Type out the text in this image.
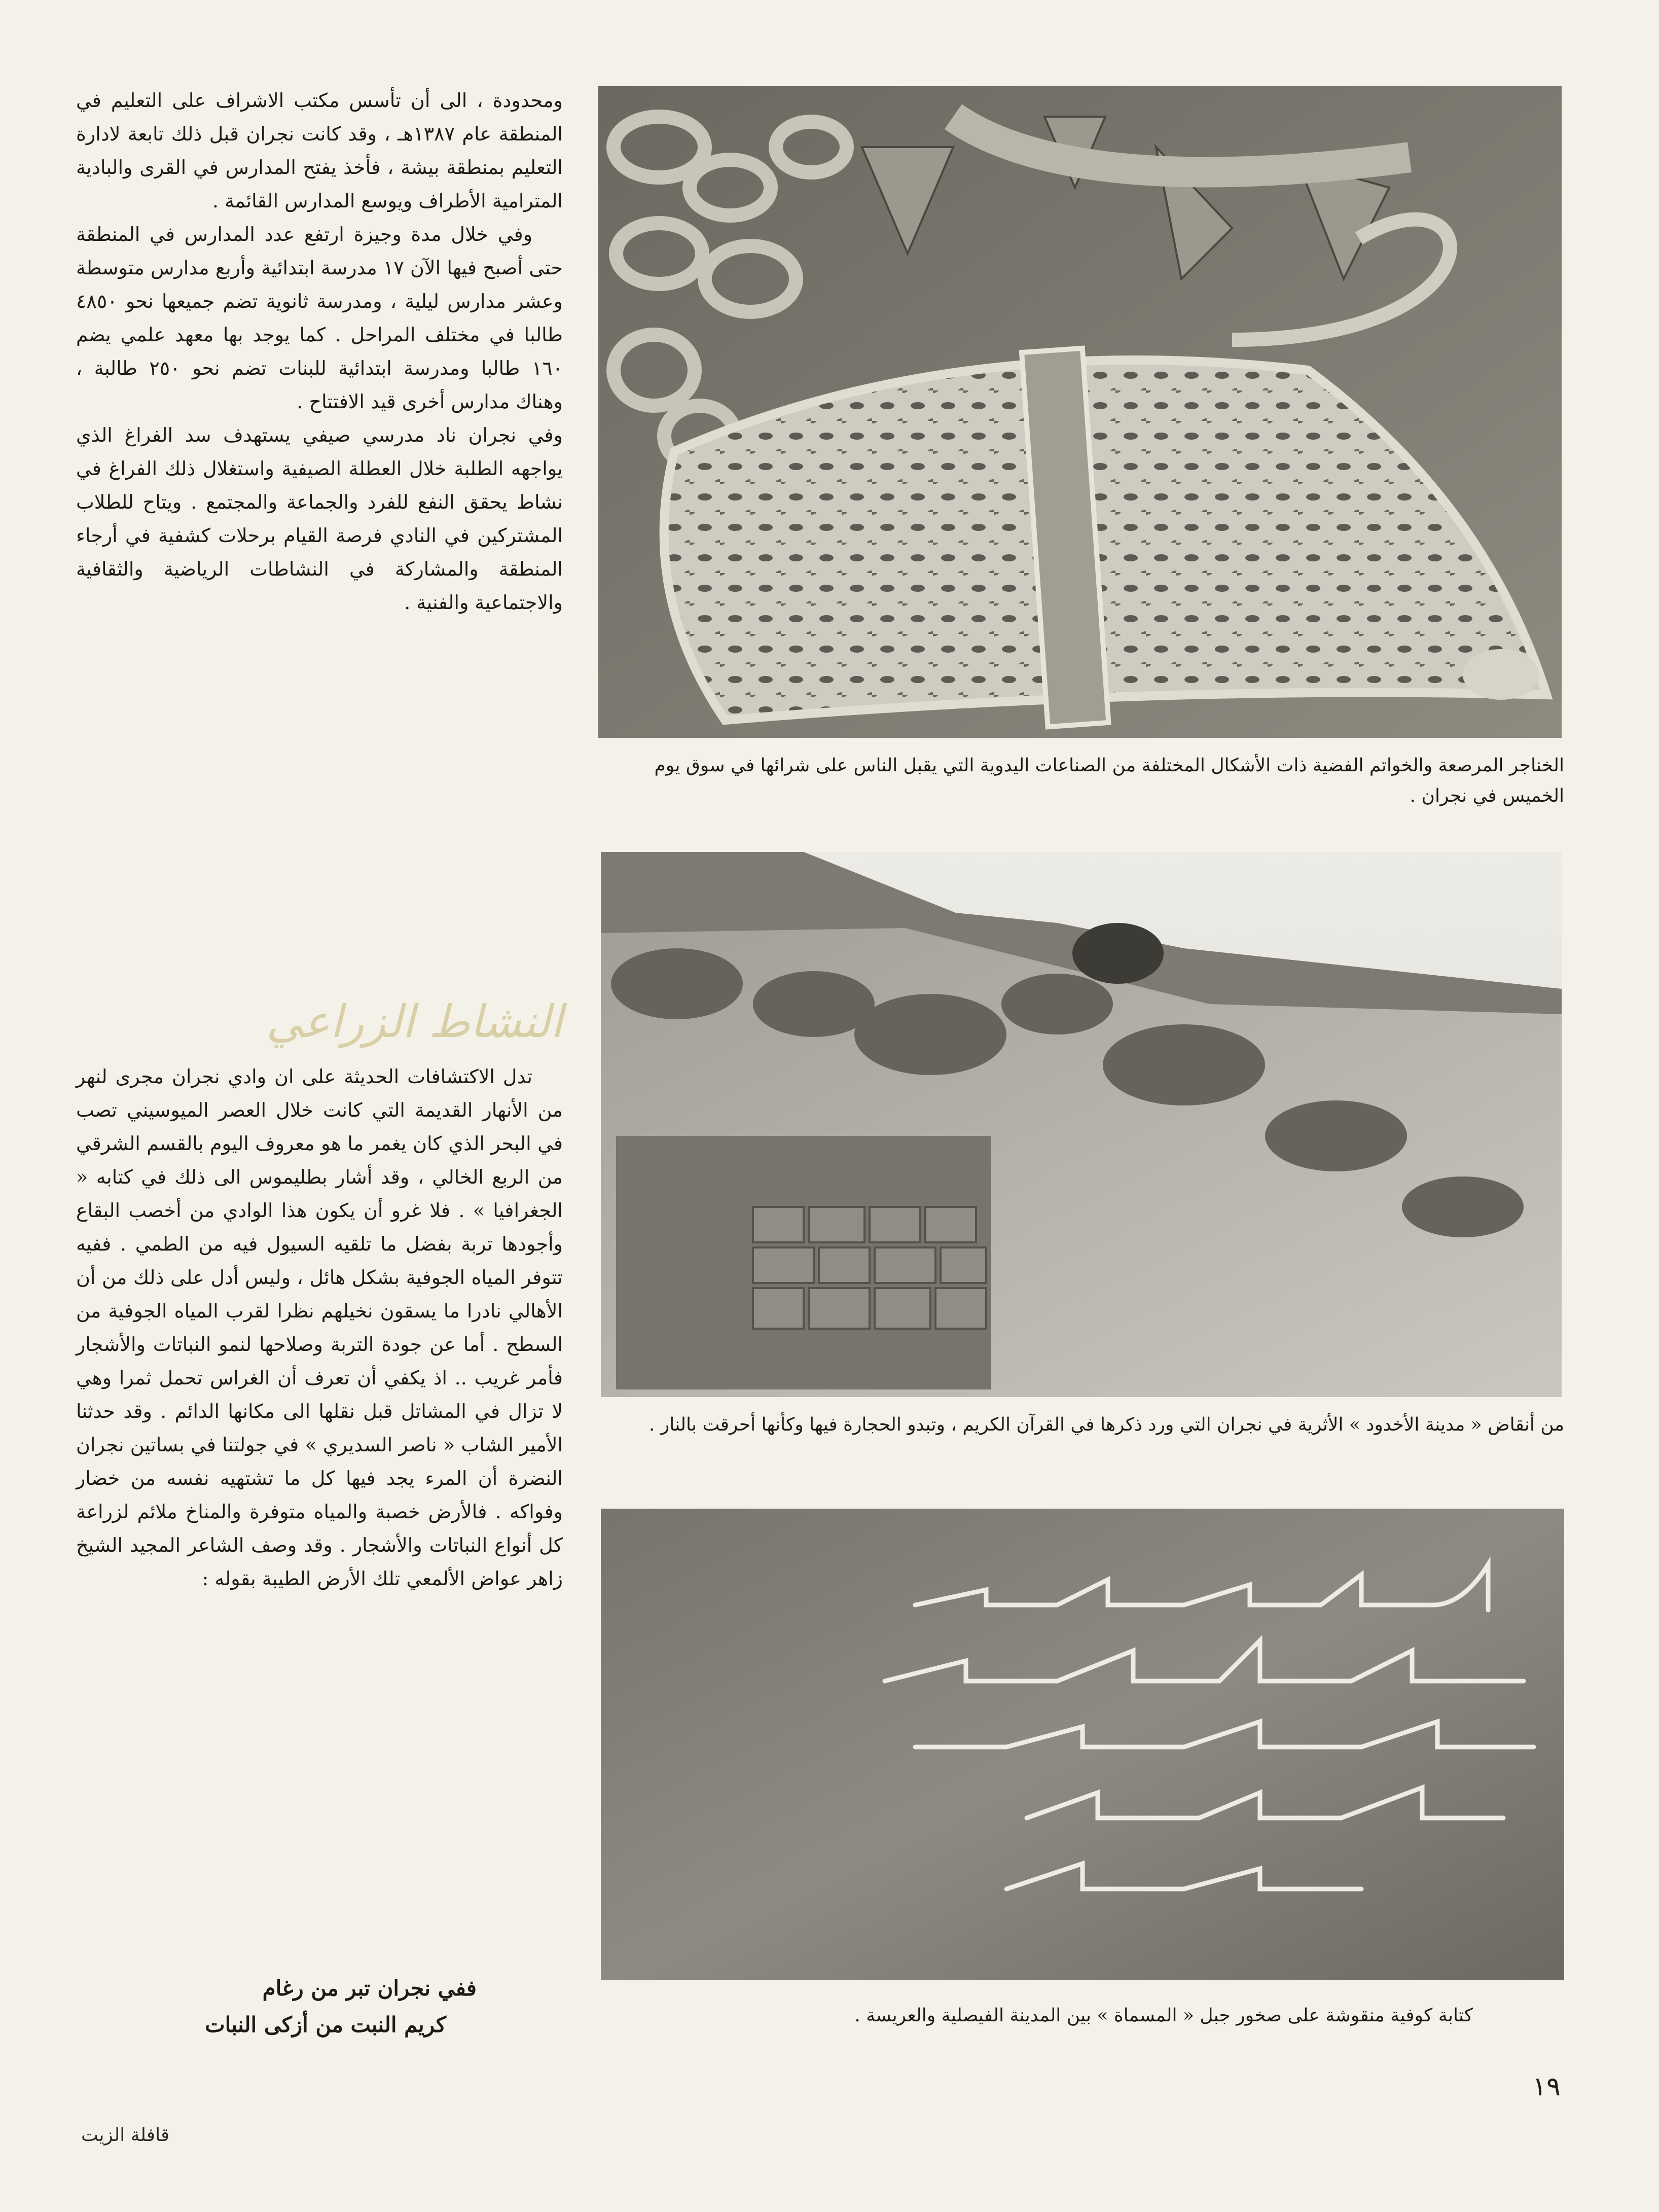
ومحدودة ، الى أن تأسس مكتب الاشراف على التعليم في المنطقة عام ١٣٨٧هـ ، وقد كانت نجران قبل ذلك تابعة لادارة التعليم بمنطقة بيشة ، فأخذ يفتح المدارس في القرى والبادية المترامية الأطراف ويوسع المدارس القائمة .

وفي خلال مدة وجيزة ارتفع عدد المدارس في المنطقة حتى أصبح فيها الآن ١٧ مدرسة ابتدائية وأربع مدارس متوسطة وعشر مدارس ليلية ، ومدرسة ثانوية تضم جميعها نحو ٤٨٥٠ طالبا في مختلف المراحل . كما يوجد بها معهد علمي يضم ١٦٠ طالبا ومدرسة ابتدائية للبنات تضم نحو ٢٥٠ طالبة ، وهناك مدارس أخرى قيد الافتتاح .

وفي نجران ناد مدرسي صيفي يستهدف سد الفراغ الذي يواجهه الطلبة خلال العطلة الصيفية واستغلال ذلك الفراغ في نشاط يحقق النفع للفرد والجماعة والمجتمع . ويتاح للطلاب المشتركين في النادي فرصة القيام برحلات كشفية في أرجاء المنطقة والمشاركة في النشاطات الرياضية والثقافية والاجتماعية والفنية .

النشاط الزراعي

تدل الاكتشافات الحديثة على ان وادي نجران مجرى لنهر من الأنهار القديمة التي كانت خلال العصر الميوسيني تصب في البحر الذي كان يغمر ما هو معروف اليوم بالقسم الشرقي من الربع الخالي ، وقد أشار بطليموس الى ذلك في كتابه « الجغرافيا » . فلا غرو أن يكون هذا الوادي من أخصب البقاع وأجودها تربة بفضل ما تلقيه السيول فيه من الطمي . ففيه تتوفر المياه الجوفية بشكل هائل ، وليس أدل على ذلك من أن الأهالي نادرا ما يسقون نخيلهم نظرا لقرب المياه الجوفية من السطح . أما عن جودة التربة وصلاحها لنمو النباتات والأشجار فأمر غريب .. اذ يكفي أن تعرف أن الغراس تحمل ثمرا وهي لا تزال في المشاتل قبل نقلها الى مكانها الدائم . وقد حدثنا الأمير الشاب « ناصر السديري » في جولتنا في بساتين نجران النضرة أن المرء يجد فيها كل ما تشتهيه نفسه من خضار وفواكه . فالأرض خصبة والمياه متوفرة والمناخ ملائم لزراعة كل أنواع النباتات والأشجار . وقد وصف الشاعر المجيد الشيخ زاهر عواض الألمعي تلك الأرض الطيبة بقوله :

ففي نجران تبر من رغام
كريم النبت من أزكى النبات
الخناجر المرصعة والخواتم الفضية ذات الأشكال المختلفة من الصناعات اليدوية التي يقبل الناس على شرائها في سوق يوم الخميس في نجران .
من أنقاض « مدينة الأخدود » الأثرية في نجران التي ورد ذكرها في القرآن الكريم ، وتبدو الحجارة فيها وكأنها أحرقت بالنار .
كتابة كوفية منقوشة على صخور جبل « المسماة » بين المدينة الفيصلية والعريسة .
١٩
قافلة الزيت
